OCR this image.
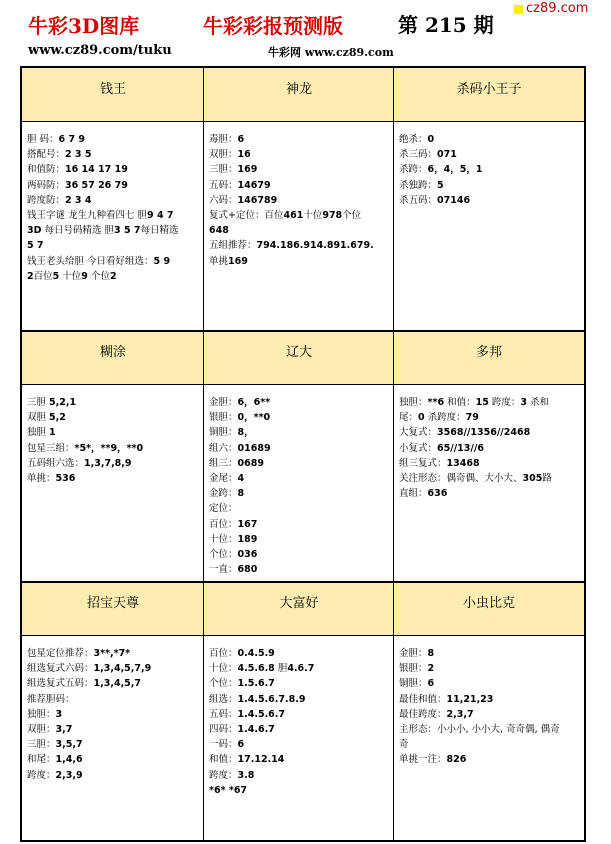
牛彩3D图库	牛彩彩报预测版	第 215 期
www.cz89.com/tuku	牛彩网 www.cz89.com
cz89.com
钱王
胆 码：6 7 9
搭配号：2 3 5
和值防：16 14 17 19
两码防：36 57 26 79
跨度防：2 3 4
钱王字谜 龙生九种看四七 胆9 4 7
3D 每日号码精选 胆3 5 7每日精选
5 7
钱王老头给胆 今日看好组选：5 9
2百位5 十位9 个位2
神龙
毒胆：6
双胆：16
三胆：169
五码：14679
六码：146789
复式+定位：百位461十位978个位
648
五组推荐：794.186.914.891.679.
单挑169
杀码小王子
绝杀：0
杀三码：071
杀跨：6，4，5，1
杀独跨：5
杀五码：07146
糊涂
三胆 5,2,1
双胆 5,2
独胆 1
包星三组：*5*，**9，**0
五码组六选：1,3,7,8,9
单挑：536
辽大
金胆：6，6**
银胆：0，**0
铜胆：8，
组六：01689
组三：0689
金尾：4
金跨：8
定位：
百位：167
十位：189
个位：036
一直：680
多邦
独胆：**6 和值：15 跨度：3 杀和
尾：0 杀跨度：79
大复式：3568//1356//2468
小复式：65//13//6
组三复式：13468
关注形态：偶奇偶、大小大、305路
直组：636
招宝天尊
包星定位推荐：3**,*7*
组选复式六码：1,3,4,5,7,9
组选复式五码：1,3,4,5,7
推荐胆码：
独胆：3
双胆：3,7
三胆：3,5,7
和尾：1,4,6
跨度：2,3,9
大富好
百位：0.4.5.9
十位：4.5.6.8 胆4.6.7
个位：1.5.6.7
组选：1.4.5.6.7.8.9
五码：1.4.5.6.7
四码：1.4.6.7
一码：6
和值：17.12.14
跨度：3.8
*6* *67
小虫比克
金胆：8
银胆：2
铜胆：6
最佳和值：11,21,23
最佳跨度：2,3,7
主形态：小小小, 小小大, 奇奇偶, 偶奇
奇
单挑一注：826
